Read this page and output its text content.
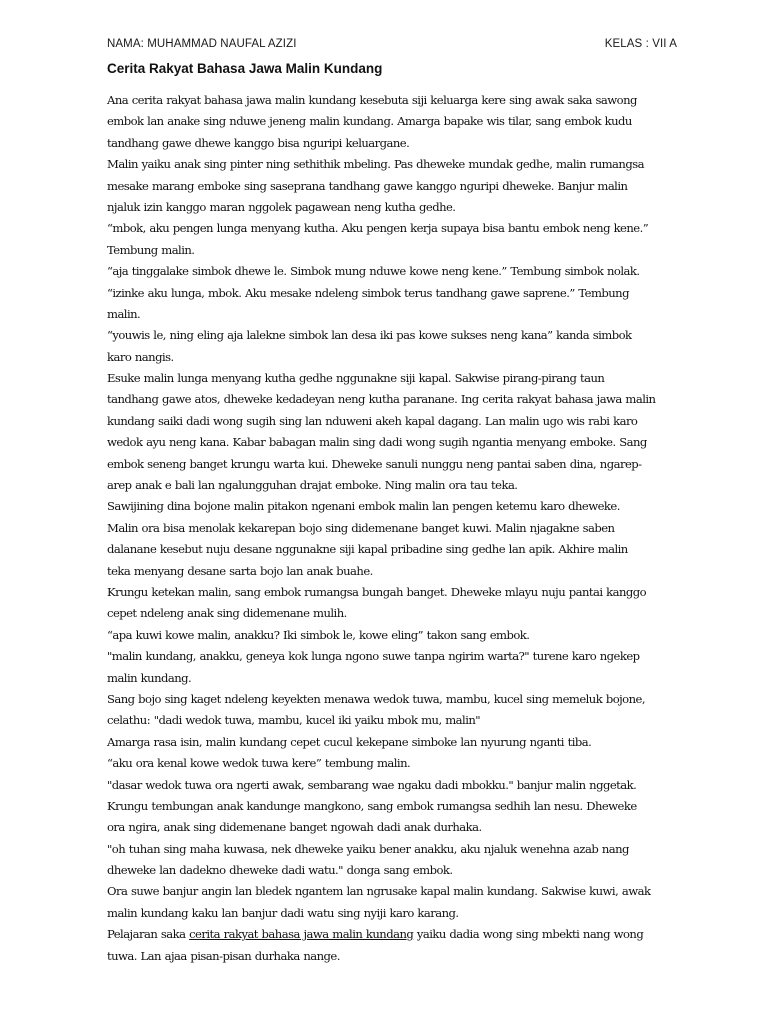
NAMA: MUHAMMAD NAUFAL AZIZI	KELAS : VII A
Cerita Rakyat Bahasa Jawa Malin Kundang
Ana cerita rakyat bahasa jawa malin kundang kesebuta siji keluarga kere sing awak saka sawong
embok lan anake sing nduwe jeneng malin kundang. Amarga bapake wis tilar, sang embok kudu
tandhang gawe dhewe kanggo bisa nguripi keluargane.
Malin yaiku anak sing pinter ning sethithik mbeling. Pas dheweke mundak gedhe, malin rumangsa
mesake marang emboke sing saseprana tandhang gawe kanggo nguripi dheweke. Banjur malin
njaluk izin kanggo maran nggolek pagawean neng kutha gedhe.
“mbok, aku pengen lunga menyang kutha. Aku pengen kerja supaya bisa bantu embok neng kene.”
Tembung malin.
“aja tinggalake simbok dhewe le. Simbok mung nduwe kowe neng kene.” Tembung simbok nolak.
“izinke aku lunga, mbok. Aku mesake ndeleng simbok terus tandhang gawe saprene.” Tembung
malin.
“youwis le, ning eling aja lalekne simbok lan desa iki pas kowe sukses neng kana” kanda simbok
karo nangis.
Esuke malin lunga menyang kutha gedhe nggunakne siji kapal. Sakwise pirang-pirang taun
tandhang gawe atos, dheweke kedadeyan neng kutha paranane. Ing cerita rakyat bahasa jawa malin
kundang saiki dadi wong sugih sing lan nduweni akeh kapal dagang. Lan malin ugo wis rabi karo
wedok ayu neng kana. Kabar babagan malin sing dadi wong sugih ngantia menyang emboke. Sang
embok seneng banget krungu warta kui. Dheweke sanuli nunggu neng pantai saben dina, ngarep-
arep anak e bali lan ngalungguhan drajat emboke. Ning malin ora tau teka.
Sawijining dina bojone malin pitakon ngenani embok malin lan pengen ketemu karo dheweke.
Malin ora bisa menolak kekarepan bojo sing didemenane banget kuwi. Malin njagakne saben
dalanane kesebut nuju desane nggunakne siji kapal pribadine sing gedhe lan apik. Akhire malin
teka menyang desane sarta bojo lan anak buahe.
Krungu ketekan malin, sang embok rumangsa bungah banget. Dheweke mlayu nuju pantai kanggo
cepet ndeleng anak sing didemenane mulih.
“apa kuwi kowe malin, anakku? Iki simbok le, kowe eling” takon sang embok.
"malin kundang, anakku, geneya kok lunga ngono suwe tanpa ngirim warta?" turene karo ngekep
malin kundang.
Sang bojo sing kaget ndeleng keyekten menawa wedok tuwa, mambu, kucel sing memeluk bojone,
celathu: "dadi wedok tuwa, mambu, kucel iki yaiku mbok mu, malin"
Amarga rasa isin, malin kundang cepet cucul kekepane simboke lan nyurung nganti tiba.
“aku ora kenal kowe wedok tuwa kere” tembung malin.
"dasar wedok tuwa ora ngerti awak, sembarang wae ngaku dadi mbokku." banjur malin nggetak.
Krungu tembungan anak kandunge mangkono, sang embok rumangsa sedhih lan nesu. Dheweke
ora ngira, anak sing didemenane banget ngowah dadi anak durhaka.
"oh tuhan sing maha kuwasa, nek dheweke yaiku bener anakku, aku njaluk wenehna azab nang
dheweke lan dadekno dheweke dadi watu." donga sang embok.
Ora suwe banjur angin lan bledek ngantem lan ngrusake kapal malin kundang. Sakwise kuwi, awak
malin kundang kaku lan banjur dadi watu sing nyiji karo karang.
Pelajaran saka cerita rakyat bahasa jawa malin kundang yaiku dadia wong sing mbekti nang wong
tuwa. Lan ajaa pisan-pisan durhaka nange.
